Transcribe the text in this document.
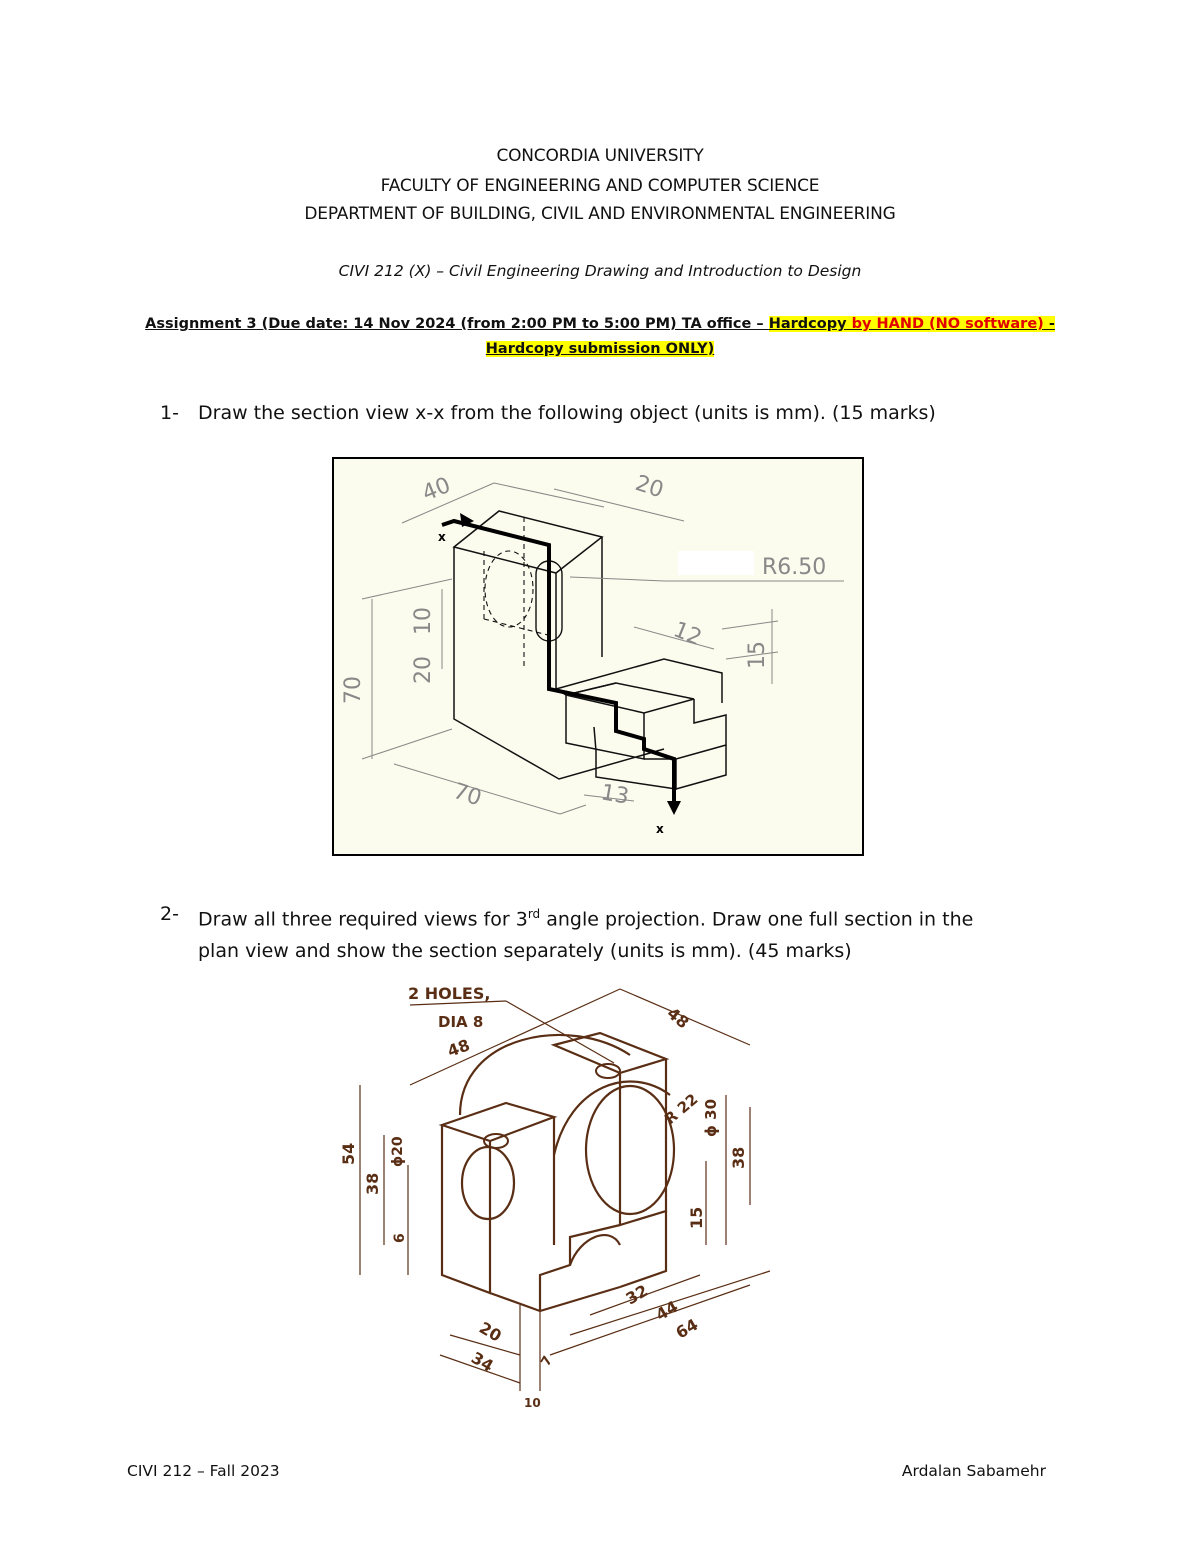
CONCORDIA UNIVERSITY
FACULTY OF ENGINEERING AND COMPUTER SCIENCE
DEPARTMENT OF BUILDING, CIVIL AND ENVIRONMENTAL ENGINEERING
CIVI 212 (X) – Civil Engineering Drawing and Introduction to Design
Assignment 3 (Due date: 14 Nov 2024 (from 2:00 PM to 5:00 PM) TA office – Hardcopy by HAND (NO software) -
Hardcopy submission ONLY)
1- Draw the section view x-x from the following object (units is mm). (15 marks)
x
x
40	20
R6.50
12
15
20
10
70
70	13
2- Draw all three required views for 3rd angle projection. Draw one full section in the
plan view and show the section separately (units is mm). (45 marks)
2 HOLES,
DIA 8
48
48
R 22 ϕ 30
38
54
38
ϕ20
6
15
32
44
64
20
34	7
10
CIVI 212 – Fall 2023	Ardalan Sabamehr
